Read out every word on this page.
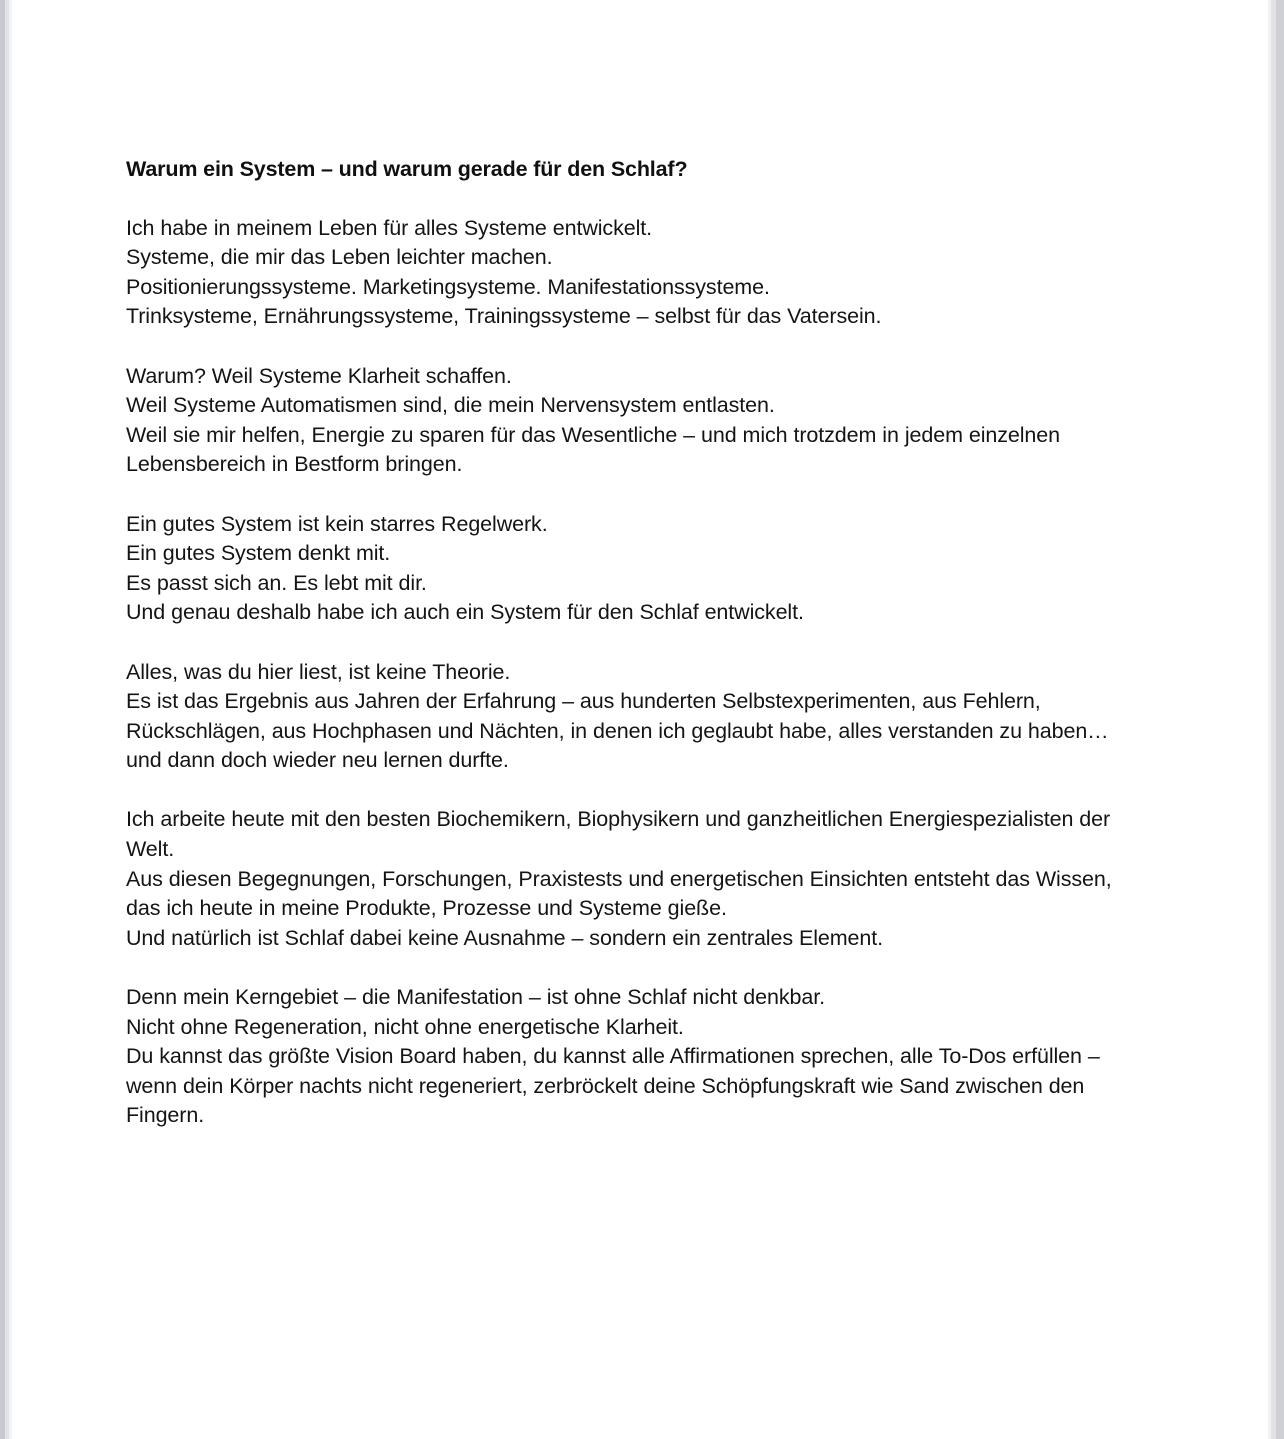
Warum ein System – und warum gerade für den Schlaf?

Ich habe in meinem Leben für alles Systeme entwickelt.
Systeme, die mir das Leben leichter machen.
Positionierungssysteme. Marketingsysteme. Manifestationssysteme.
Trinksysteme, Ernährungssysteme, Trainingssysteme – selbst für das Vatersein.

Warum? Weil Systeme Klarheit schaffen.
Weil Systeme Automatismen sind, die mein Nervensystem entlasten.
Weil sie mir helfen, Energie zu sparen für das Wesentliche – und mich trotzdem in jedem einzelnen Lebensbereich in Bestform bringen.

Ein gutes System ist kein starres Regelwerk.
Ein gutes System denkt mit.
Es passt sich an. Es lebt mit dir.
Und genau deshalb habe ich auch ein System für den Schlaf entwickelt.

Alles, was du hier liest, ist keine Theorie.
Es ist das Ergebnis aus Jahren der Erfahrung – aus hunderten Selbstexperimenten, aus Fehlern, Rückschlägen, aus Hochphasen und Nächten, in denen ich geglaubt habe, alles verstanden zu haben… und dann doch wieder neu lernen durfte.

Ich arbeite heute mit den besten Biochemikern, Biophysikern und ganzheitlichen Energiespezialisten der Welt.
Aus diesen Begegnungen, Forschungen, Praxistests und energetischen Einsichten entsteht das Wissen, das ich heute in meine Produkte, Prozesse und Systeme gieße.
Und natürlich ist Schlaf dabei keine Ausnahme – sondern ein zentrales Element.

Denn mein Kerngebiet – die Manifestation – ist ohne Schlaf nicht denkbar.
Nicht ohne Regeneration, nicht ohne energetische Klarheit.
Du kannst das größte Vision Board haben, du kannst alle Affirmationen sprechen, alle To-Dos erfüllen –
wenn dein Körper nachts nicht regeneriert, zerbröckelt deine Schöpfungskraft wie Sand zwischen den Fingern.
